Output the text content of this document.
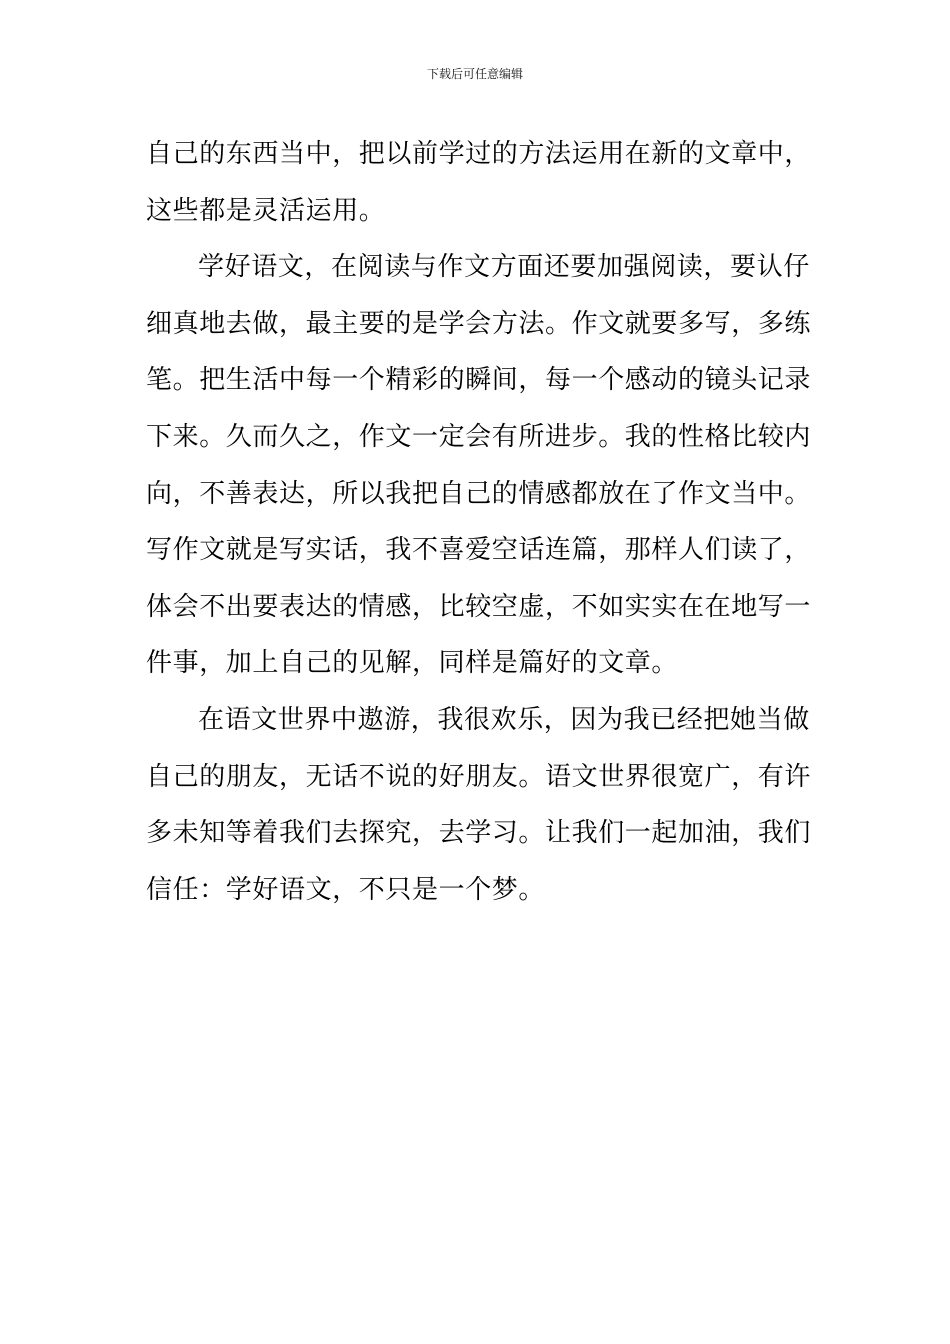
下载后可任意编辑
自己的东西当中，把以前学过的方法运用在新的文章中，
这些都是灵活运用。
学好语文，在阅读与作文方面还要加强阅读，要认仔
细真地去做，最主要的是学会方法。作文就要多写，多练
笔。把生活中每一个精彩的瞬间，每一个感动的镜头记录
下来。久而久之，作文一定会有所进步。我的性格比较内
向，不善表达，所以我把自己的情感都放在了作文当中。
写作文就是写实话，我不喜爱空话连篇，那样人们读了，
体会不出要表达的情感，比较空虚，不如实实在在地写一
件事，加上自己的见解，同样是篇好的文章。
在语文世界中遨游，我很欢乐，因为我已经把她当做
自己的朋友，无话不说的好朋友。语文世界很宽广，有许
多未知等着我们去探究，去学习。让我们一起加油，我们
信任：学好语文，不只是一个梦。
